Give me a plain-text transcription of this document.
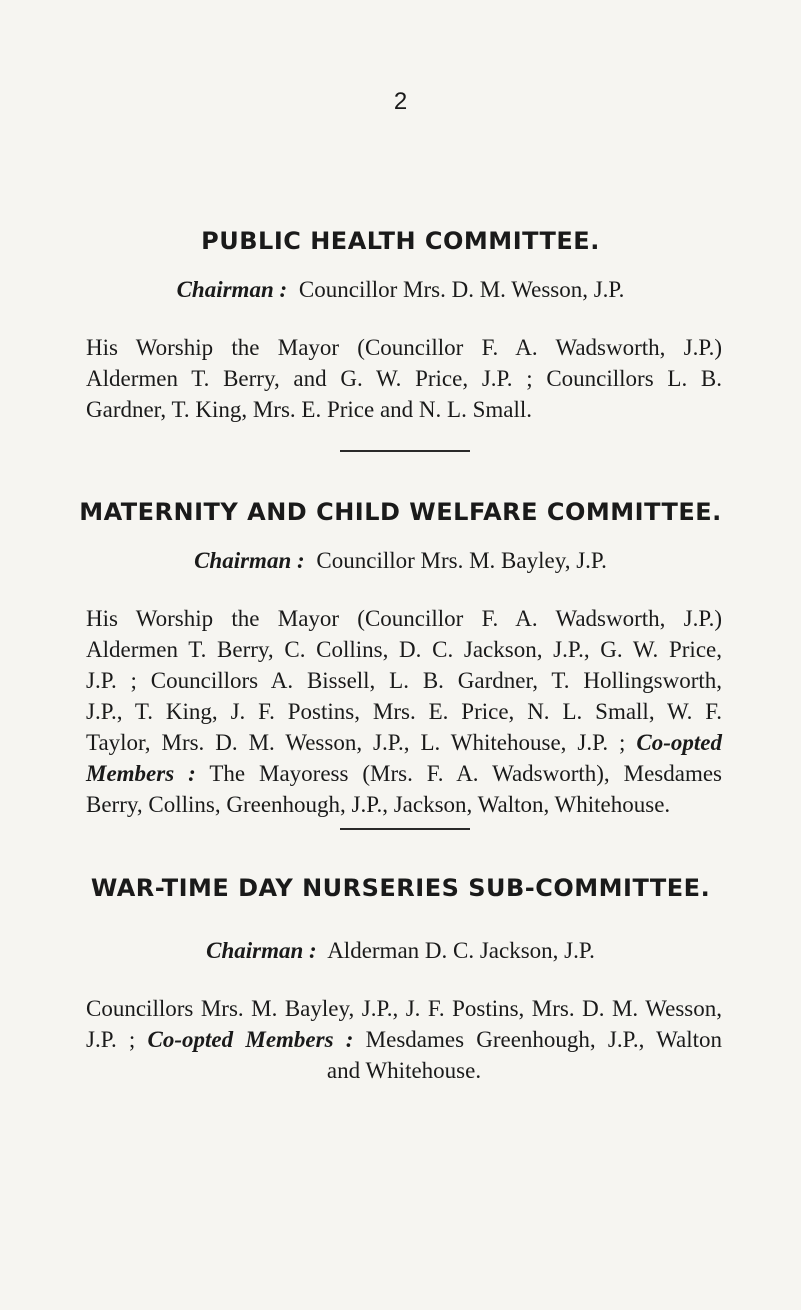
2
PUBLIC HEALTH COMMITTEE.
Chairman : Councillor Mrs. D. M. Wesson, J.P.
His Worship the Mayor (Councillor F. A. Wadsworth, J.P.)
Aldermen T. Berry, and G. W. Price, J.P. ; Councillors L. B.
Gardner, T. King, Mrs. E. Price and N. L. Small.
MATERNITY AND CHILD WELFARE COMMITTEE.
Chairman : Councillor Mrs. M. Bayley, J.P.
His Worship the Mayor (Councillor F. A. Wadsworth, J.P.)
Aldermen T. Berry, C. Collins, D. C. Jackson, J.P., G. W. Price,
J.P. ; Councillors A. Bissell, L. B. Gardner, T. Hollingsworth,
J.P., T. King, J. F. Postins, Mrs. E. Price, N. L. Small, W. F.
Taylor, Mrs. D. M. Wesson, J.P., L. Whitehouse, J.P. ; Co-opted
Members : The Mayoress (Mrs. F. A. Wadsworth), Mesdames
Berry, Collins, Greenhough, J.P., Jackson, Walton, Whitehouse.
WAR-TIME DAY NURSERIES SUB-COMMITTEE.
Chairman : Alderman D. C. Jackson, J.P.
Councillors Mrs. M. Bayley, J.P., J. F. Postins, Mrs. D. M. Wesson,
J.P. ; Co-opted Members : Mesdames Greenhough, J.P., Walton
and Whitehouse.
